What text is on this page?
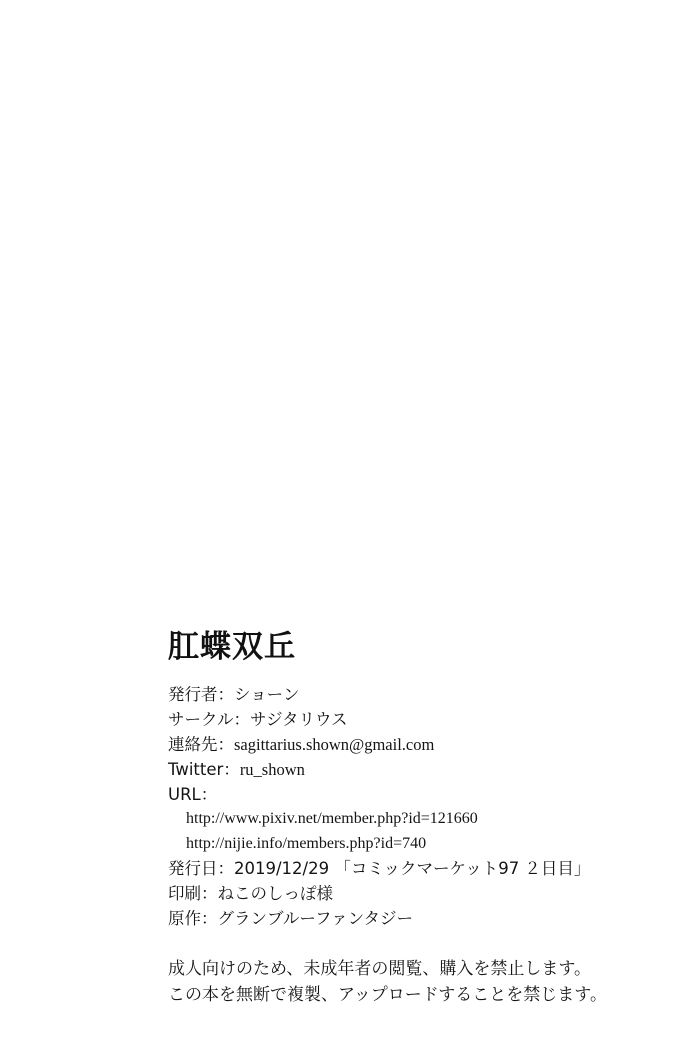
肛蝶双丘
発行者：ショーン
サークル：サジタリウス
連絡先：sagittarius.shown@gmail.com
Twitter：ru_shown
URL：
http://www.pixiv.net/member.php?id=121660
http://nijie.info/members.php?id=740
発行日：2019/12/29 「コミックマーケット97 ２日目」
印刷：ねこのしっぽ様
原作：グランブルーファンタジー
成人向けのため、未成年者の閲覧、購入を禁止します。
この本を無断で複製、アップロードすることを禁じます。
